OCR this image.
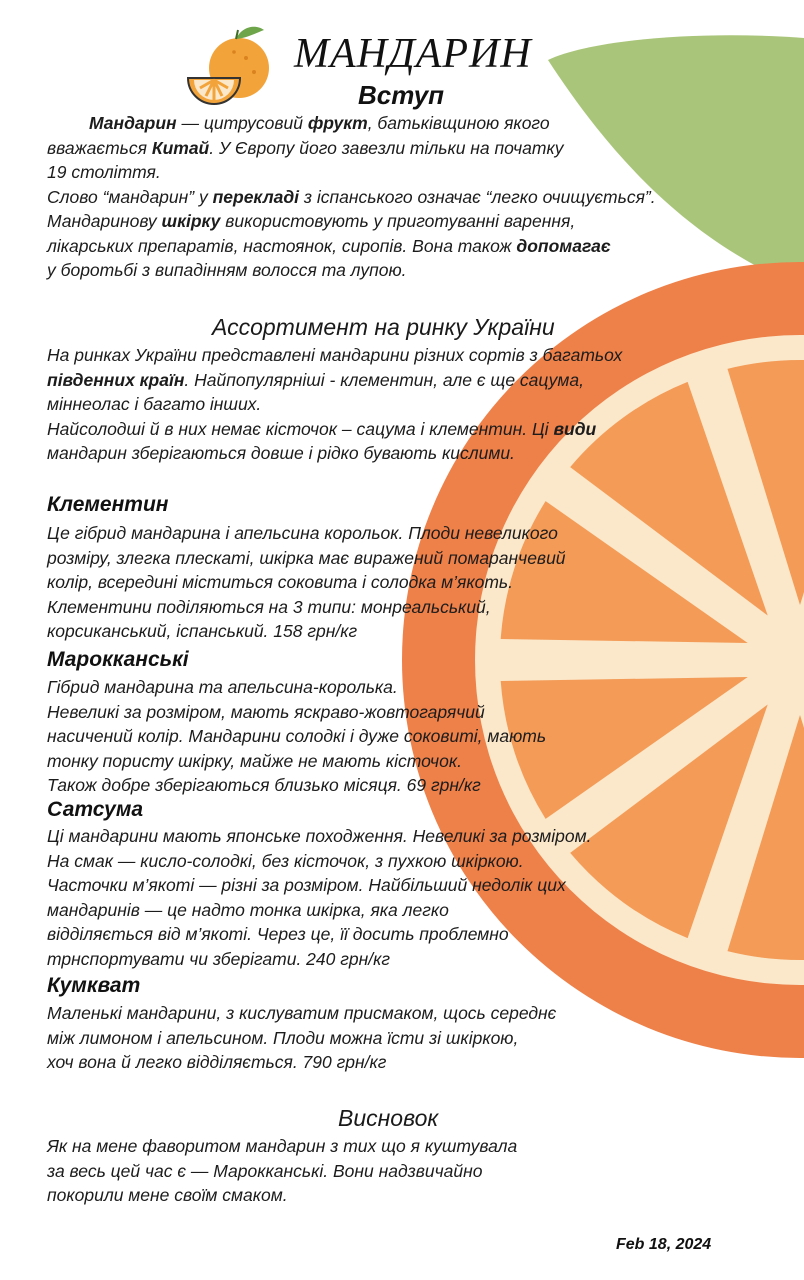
МАНДАРИН
Вступ
Мандарин — цитрусовий фрукт, батьківщиною якого
вважається Китай. У Європу його завезли тільки на початку
19 століття.
Слово “мандарин” у перекладі з іспанського означає “легко очищується”.
Мандаринову шкірку використовують у приготуванні варення,
лікарських препаратів, настоянок, сиропів. Вона також допомагає
у боротьбі з випадінням волосся та лупою.
Ассортимент на ринку України
На ринках України представлені мандарини різних сортів з багатьох
південних країн. Найпопулярніші - клементин, але є ще сацума,
міннеолас і багато інших.
Найсолодші й в них немає кісточок – сацума і клементин. Ці види
мандарин зберігаються довше і рідко бувають кислими.
Клементин
Це гібрид мандарина і апельсина корольок. Плоди невеликого
розміру, злегка плескаті, шкірка має виражений помаранчевий
колір, всередині міститься соковита і солодка м’якоть.
Клементини поділяються на 3 типи: монреальський,
корсиканський, іспанський. 158 грн/кг
Марокканські
Гібрид мандарина та апельсина-королька.
Невеликі за розміром, мають яскраво-жовтогарячий
насичений колір. Мандарини солодкі і дуже соковиті, мають
тонку пористу шкірку, майже не мають кісточок.
Також добре зберігаються близько місяця. 69 грн/кг
Сатсума
Ці мандарини мають японське походження. Невеликі за розміром.
На смак — кисло-солодкі, без кісточок, з пухкою шкіркою.
Часточки м’якоті — різні за розміром. Найбільший недолік цих
мандаринів — це надто тонка шкірка, яка легко
відділяється від м’якоті. Через це, її досить проблемно
трнспортувати чи зберігати. 240 грн/кг
Кумкват
Маленькі мандарини, з кислуватим присмаком, щось середнє
між лимоном і апельсином. Плоди можна їсти зі шкіркою,
хоч вона й легко відділяється. 790 грн/кг
Висновок
Як на мене фаворитом мандарин з тих що я куштувала
за весь цей час є — Марокканські. Вони надзвичайно
покорили мене своїм смаком.
Feb 18, 2024
